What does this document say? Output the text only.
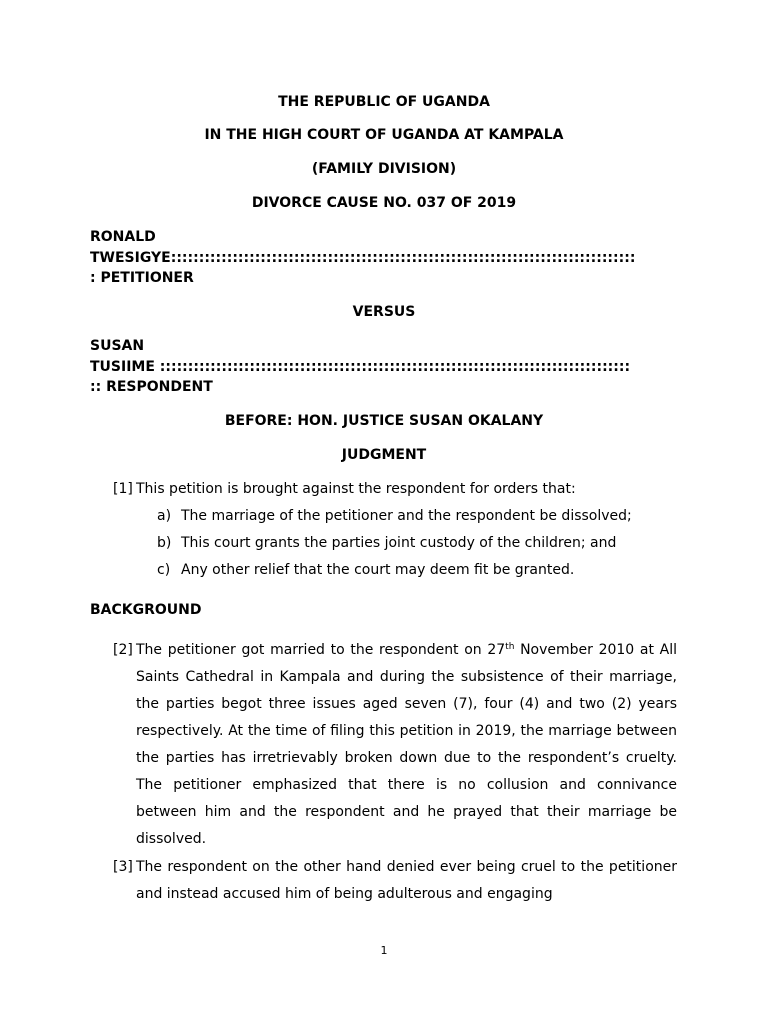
THE REPUBLIC OF UGANDA
IN THE HIGH COURT OF UGANDA AT KAMPALA
(FAMILY DIVISION)
DIVORCE CAUSE NO. 037 OF 2019
RONALD
TWESIGYE:::::::::::::::::::::::::::::::::::::::::::::::::::::::::::::::::::::::::::::::::::
: PETITIONER
VERSUS
SUSAN
TUSIIME ::::::::::::::::::::::::::::::::::::::::::::::::::::::::::::::::::::::::::::::::::::
:: RESPONDENT
BEFORE: HON. JUSTICE SUSAN OKALANY
JUDGMENT
[1] This petition is brought against the respondent for orders that:
a) The marriage of the petitioner and the respondent be dissolved;
b) This court grants the parties joint custody of the children; and
c) Any other relief that the court may deem fit be granted.
BACKGROUND
[2] The petitioner got married to the respondent on 27th November 2010 at All Saints Cathedral in Kampala and during the subsistence of their marriage, the parties begot three issues aged seven (7), four (4) and two (2) years respectively. At the time of filing this petition in 2019, the marriage between the parties has irretrievably broken down due to the respondent’s cruelty. The petitioner emphasized that there is no collusion and connivance between him and the respondent and he prayed that their marriage be dissolved.
[3] The respondent on the other hand denied ever being cruel to the petitioner and instead accused him of being adulterous and engaging
1
